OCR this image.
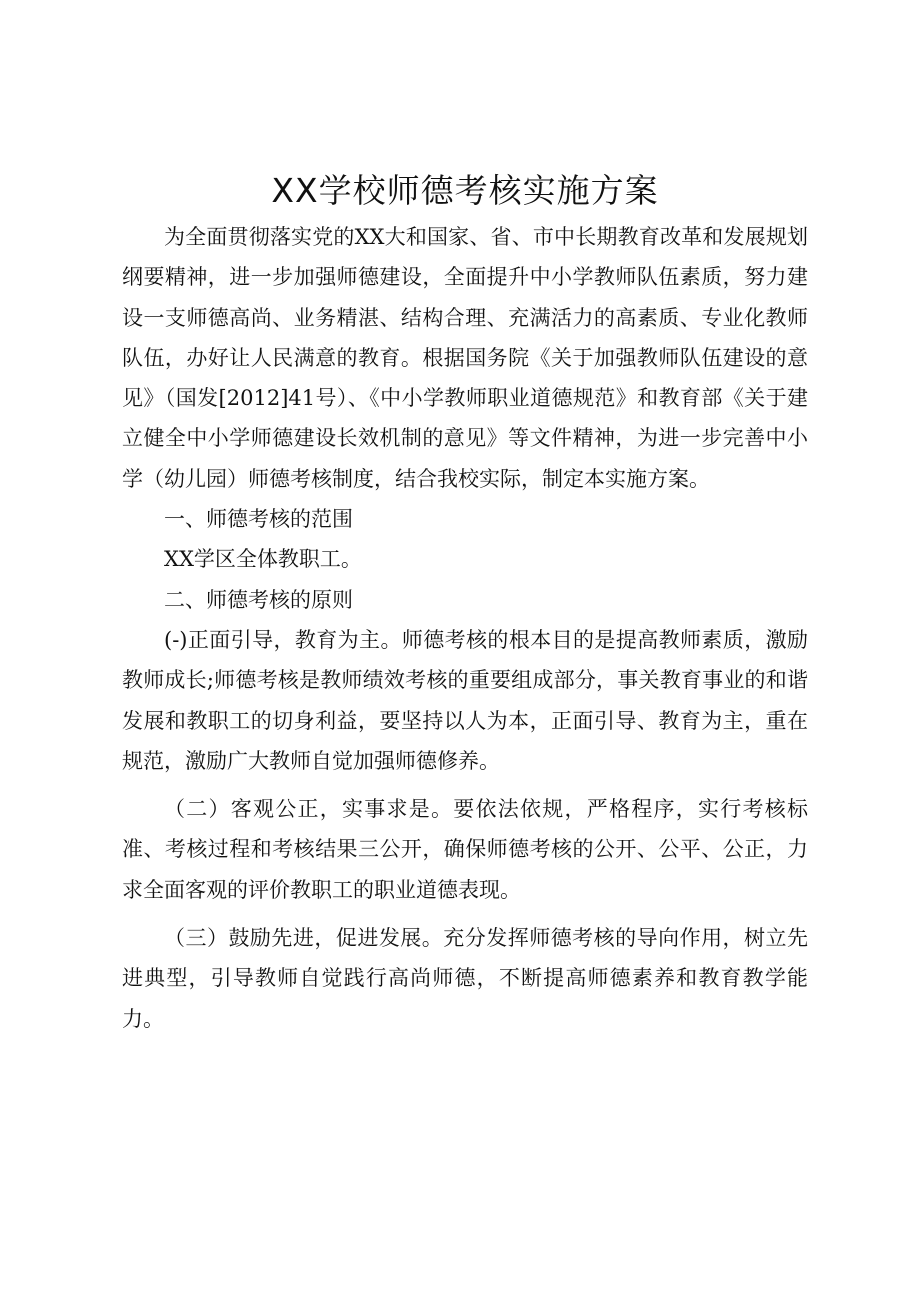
XX学校师德考核实施方案

为全面贯彻落实党的XX大和国家、省、市中长期教育改革和发展规划纲要精神，进一步加强师德建设，全面提升中小学教师队伍素质，努力建设一支师德高尚、业务精湛、结构合理、充满活力的高素质、专业化教师队伍，办好让人民满意的教育。根据国务院《关于加强教师队伍建设的意见》（国发[2012]41号）、《中小学教师职业道德规范》和教育部《关于建立健全中小学师德建设长效机制的意见》等文件精神，为进一步完善中小学（幼儿园）师德考核制度，结合我校实际，制定本实施方案。

一、师德考核的范围

XX学区全体教职工。

二、师德考核的原则

(-)正面引导，教育为主。师德考核的根本目的是提高教师素质，激励教师成长;师德考核是教师绩效考核的重要组成部分，事关教育事业的和谐发展和教职工的切身利益，要坚持以人为本，正面引导、教育为主，重在规范，激励广大教师自觉加强师德修养。

（二）客观公正，实事求是。要依法依规，严格程序，实行考核标准、考核过程和考核结果三公开，确保师德考核的公开、公平、公正，力求全面客观的评价教职工的职业道德表现。

（三）鼓励先进，促进发展。充分发挥师德考核的导向作用，树立先进典型，引导教师自觉践行高尚师德，不断提高师德素养和教育教学能力。
